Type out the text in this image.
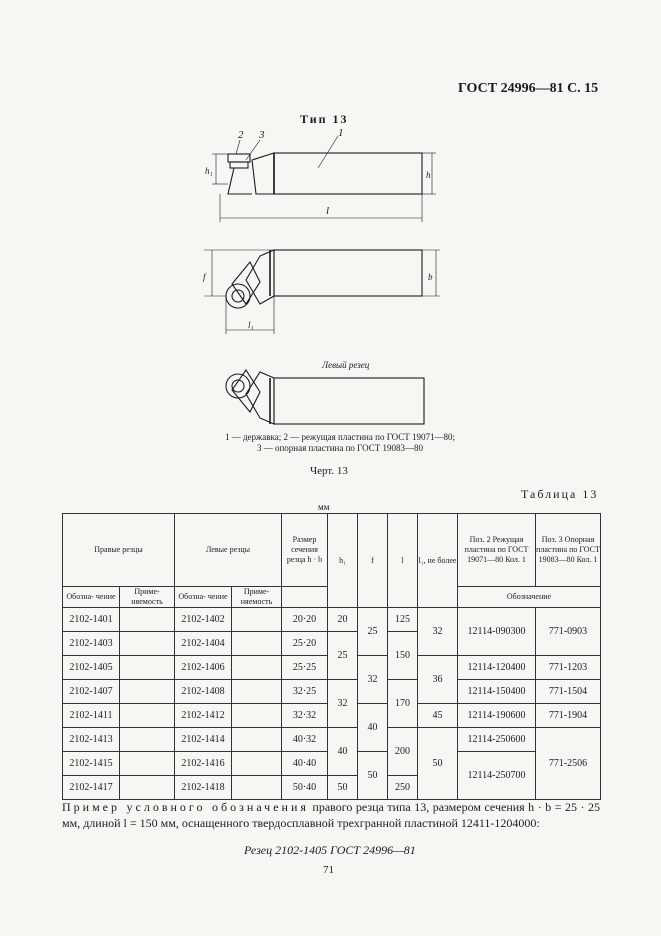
ГОСТ 24996—81 С. 15
Тип 13
2 3	1
h₁	h
l
f	b
l₁
Левый резец
1 — державка; 2 — режущая пластина по ГОСТ 19071—80;
3 — опорная пластина по ГОСТ 19083—80
Черт. 13
Таблица 13
мм
Правые резцы		Левые резцы		Размер сечения резца h · b	h₁	f	l	l₁, не более	Поз. 2 Режущая пластина по ГОСТ 19071—80 Кол. 1	Поз. 3 Опорная пластина по ГОСТ 19083—80 Кол. 1
Обозна- чение	Приме- няемость	Обозна- чение	Приме- няемость						Обозначение	

2102-1401		2102-1402		20·20	20	25	125	32	12114-090300	771-0903
2102-1403		2102-1404		25·20	25		150			
2102-1405		2102-1406		25·25		32		36	12114-120400	771-1203
2102-1407		2102-1408		32·25	32		170		12114-150400	771-1504
2102-1411		2102-1412		32·32		40		45	12114-190600	771-1904
2102-1413		2102-1414		40·32	40		200	50	12114-250600	771-2506
2102-1415		2102-1416		40·40		50			12114-250700	
2102-1417		2102-1418		50·40	50		250			
Пример условного обозначения правого резца типа 13, размером сечения h · b = 25 · 25 мм, длиной l = 150 мм, оснащенного твердосплавной трехгранной пластиной 12411-1204000:
Резец 2102-1405 ГОСТ 24996—81
71
